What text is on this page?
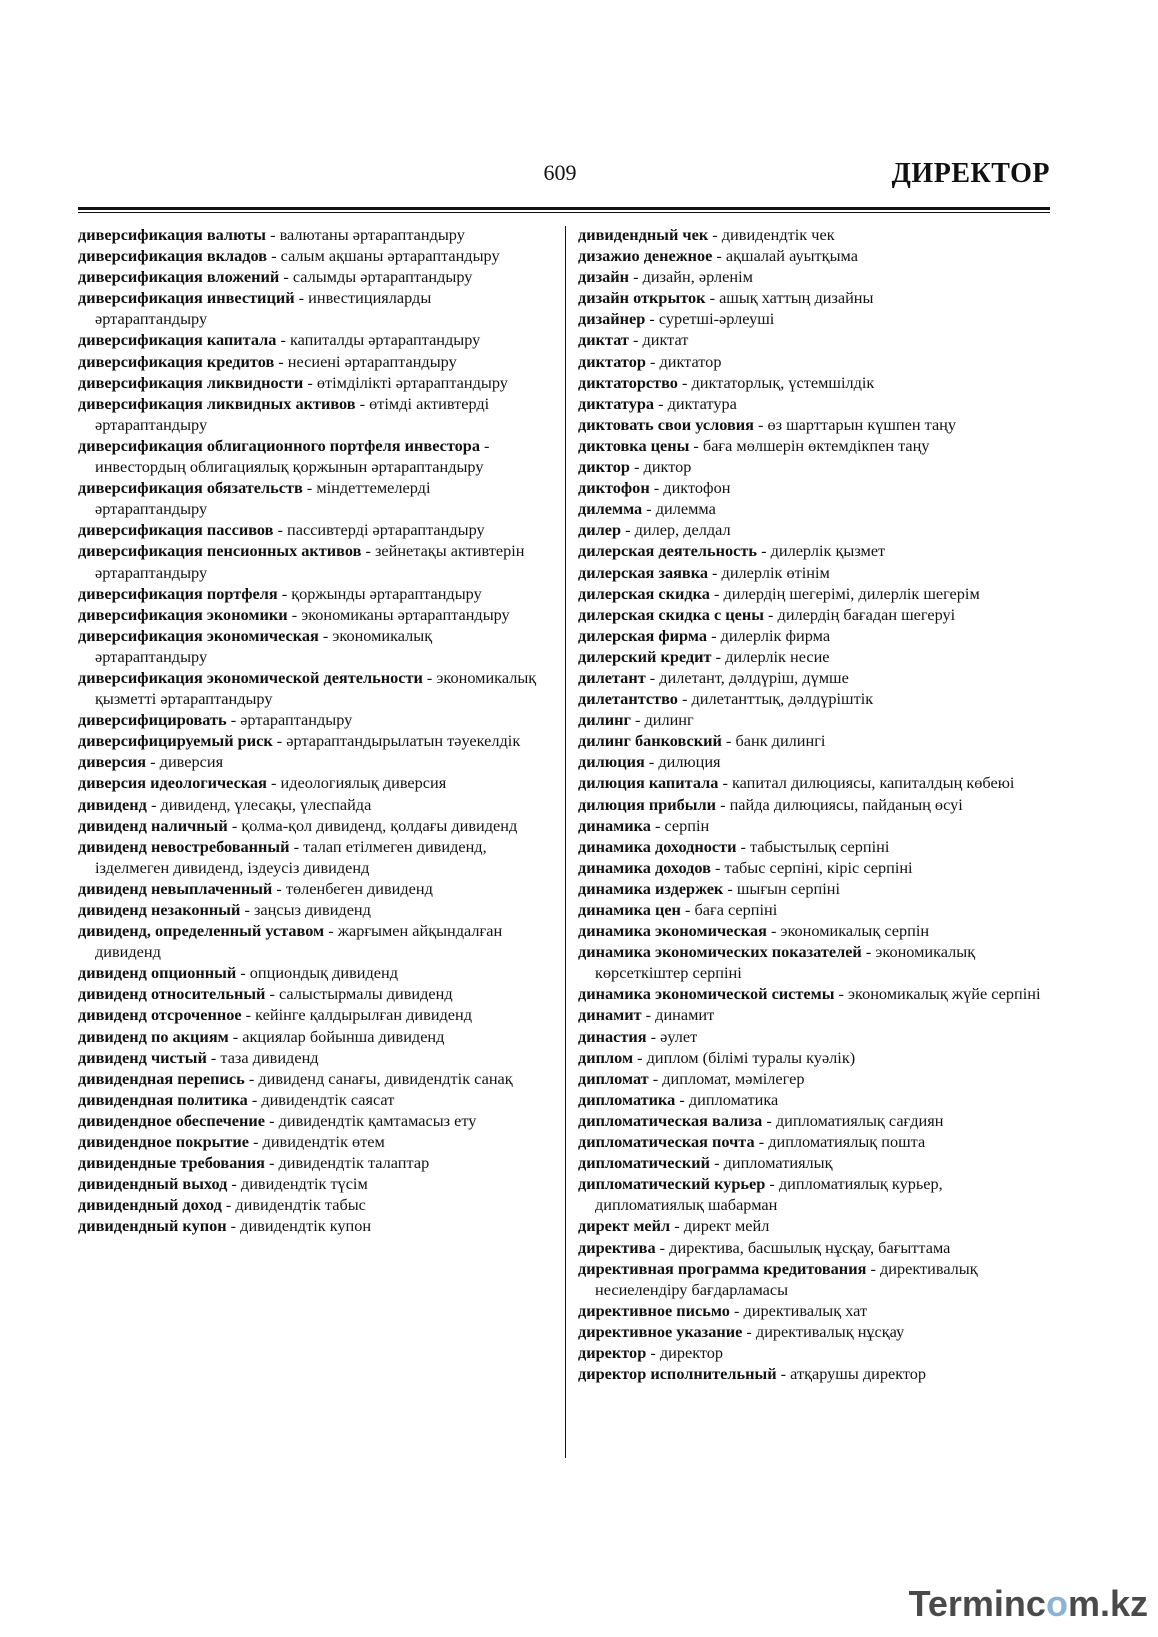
609	ДИРЕКТОР
диверсификация валюты - валютаны әртараптандыру
диверсификация вкладов - салым ақшаны әртараптандыру
диверсификация вложений - салымды әртараптандыру
диверсификация инвестиций - инвестицияларды әртараптандыру
диверсификация капитала - капиталды әртараптандыру
диверсификация кредитов - несиені әртараптандыру
диверсификация ликвидности - өтімділікті әртараптандыру
диверсификация ликвидных активов - өтімді активтерді әртараптандыру
диверсификация облигационного портфеля инвестора - инвестордың облигациялық қоржынын әртараптандыру
диверсификация обязательств - міндеттемелерді әртараптандыру
диверсификация пассивов - пассивтерді әртараптандыру
диверсификация пенсионных активов - зейнетақы активтерін әртараптандыру
диверсификация портфеля - қоржынды әртараптандыру
диверсификация экономики - экономиканы әртараптандыру
диверсификация экономическая - экономикалық әртараптандыру
диверсификация экономической деятельности - экономикалық қызметті әртараптандыру
диверсифицировать - әртараптандыру
диверсифицируемый риск - әртараптандырылатын тәуекелдік
диверсия - диверсия
диверсия идеологическая - идеологиялық диверсия
дивиденд - дивиденд, үлесақы, үлеспайда
дивиденд наличный - қолма-қол дивиденд, қолдағы дивиденд
дивиденд невостребованный - талап етілмеген дивиденд, ізделмеген дивиденд, іздеусіз дивиденд
дивиденд невыплаченный - төленбеген дивиденд
дивиденд незаконный - заңсыз дивиденд
дивиденд, определенный уставом - жарғымен айқындалған дивиденд
дивиденд опционный - опциондық дивиденд
дивиденд относительный - салыстырмалы дивиденд
дивиденд отсроченное - кейінге қалдырылған дивиденд
дивиденд по акциям - акциялар бойынша дивиденд
дивиденд чистый - таза дивиденд
дивидендная перепись - дивиденд санағы, дивидендтік санақ
дивидендная политика - дивидендтік саясат
дивидендное обеспечение - дивидендтік қамтамасыз ету
дивидендное покрытие - дивидендтік өтем
дивидендные требования - дивидендтік талаптар
дивидендный выход - дивидендтік түсім
дивидендный доход - дивидендтік табыс
дивидендный купон - дивидендтік купон
дивидендный чек - дивидендтік чек
дизажио денежное - ақшалай ауытқыма
дизайн - дизайн, әрленім
дизайн открыток - ашық хаттың дизайны
дизайнер - суретші-әрлеуші
диктат - диктат
диктатор - диктатор
диктаторство - диктаторлық, үстемшілдік
диктатура - диктатура
диктовать свои условия - өз шарттарын күшпен таңу
диктовка цены - баға мөлшерін өктемдікпен таңу
диктор - диктор
диктофон - диктофон
дилемма - дилемма
дилер - дилер, делдал
дилерская деятельность - дилерлік қызмет
дилерская заявка - дилерлік өтінім
дилерская скидка - дилердің шегерімі, дилерлік шегерім
дилерская скидка с цены - дилердің бағадан шегеруі
дилерская фирма - дилерлік фирма
дилерский кредит - дилерлік несие
дилетант - дилетант, дәлдүріш, дүмше
дилетантство - дилетанттық, дәлдүріштік
дилинг - дилинг
дилинг банковский - банк дилингі
дилюция - дилюция
дилюция капитала - капитал дилюциясы, капиталдың көбеюі
дилюция прибыли - пайда дилюциясы, пайданың өсуі
динамика - серпін
динамика доходности - табыстылық серпіні
динамика доходов - табыс серпіні, кіріс серпіні
динамика издержек - шығын серпіні
динамика цен - баға серпіні
динамика экономическая - экономикалық серпін
динамика экономических показателей - экономикалық көрсеткіштер серпіні
динамика экономической системы - экономикалық жүйе серпіні
динамит - динамит
династия - әулет
диплом - диплом (білімі туралы куәлік)
дипломат - дипломат, мәмілегер
дипломатика - дипломатика
дипломатическая вализа - дипломатиялық сағдиян
дипломатическая почта - дипломатиялық пошта
дипломатический - дипломатиялық
дипломатический курьер - дипломатиялық курьер, дипломатиялық шабарман
директ мейл - директ мейл
директива - директива, басшылық нұсқау, бағыттама
директивная программа кредитования - директивалық несиелендіру бағдарламасы
директивное письмо - директивалық хат
директивное указание - директивалық нұсқау
директор - директор
директор исполнительный - атқарушы директор
Termincom.kz
